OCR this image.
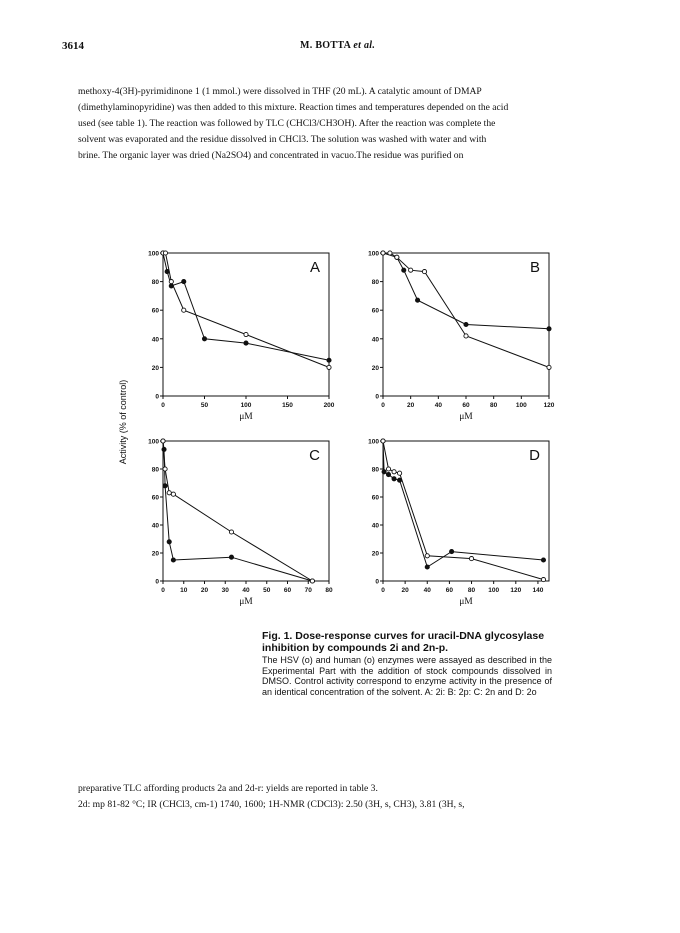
3614	M. BOTTA et al.

methoxy-4(3H)-pyrimidinone 1 (1 mmol.) were dissolved in THF (20 mL). A catalytic amount of DMAP

(dimethylaminopyridine) was then added to this mixture. Reaction times and temperatures depended on the acid

used (see table 1). The reaction was followed by TLC (CHCl3/CH3OH). After the reaction was complete the

solvent was evaporated and the residue dissolved in CHCl3. The solution was washed with water and with

brine. The organic layer was dried (Na2SO4) and concentrated in vacuo.The residue was purified on

Activity (% of control)	0
20
40
60
80
100
0	50	100	150	200
μM
A
0
20
40
60
80
100
0	20	40	60	80	100	120
μM
B
0
20
40
60
80
100
0 10 20 30 40 50 60 70 80
μM
C
0
20
40
60
80
100
0	20 40 60 80 100 120 140
μM
D
Fig. 1. Dose-response curves for uracil-DNA glycosylase inhibition by compounds 2i and 2n-p.
The HSV (o) and human (o) enzymes were assayed as described in the Experimental Part with the addition of stock compounds dissolved in DMSO. Control activity correspond to enzyme activity in the presence of an identical concentration of the solvent. A: 2i: B: 2p: C: 2n and D: 2o

preparative TLC affording products 2a and 2d-r: yields are reported in table 3.

2d: mp 81-82 °C; IR (CHCl3, cm-1) 1740, 1600; 1H-NMR (CDCl3): 2.50 (3H, s, CH3), 3.81 (3H, s,
